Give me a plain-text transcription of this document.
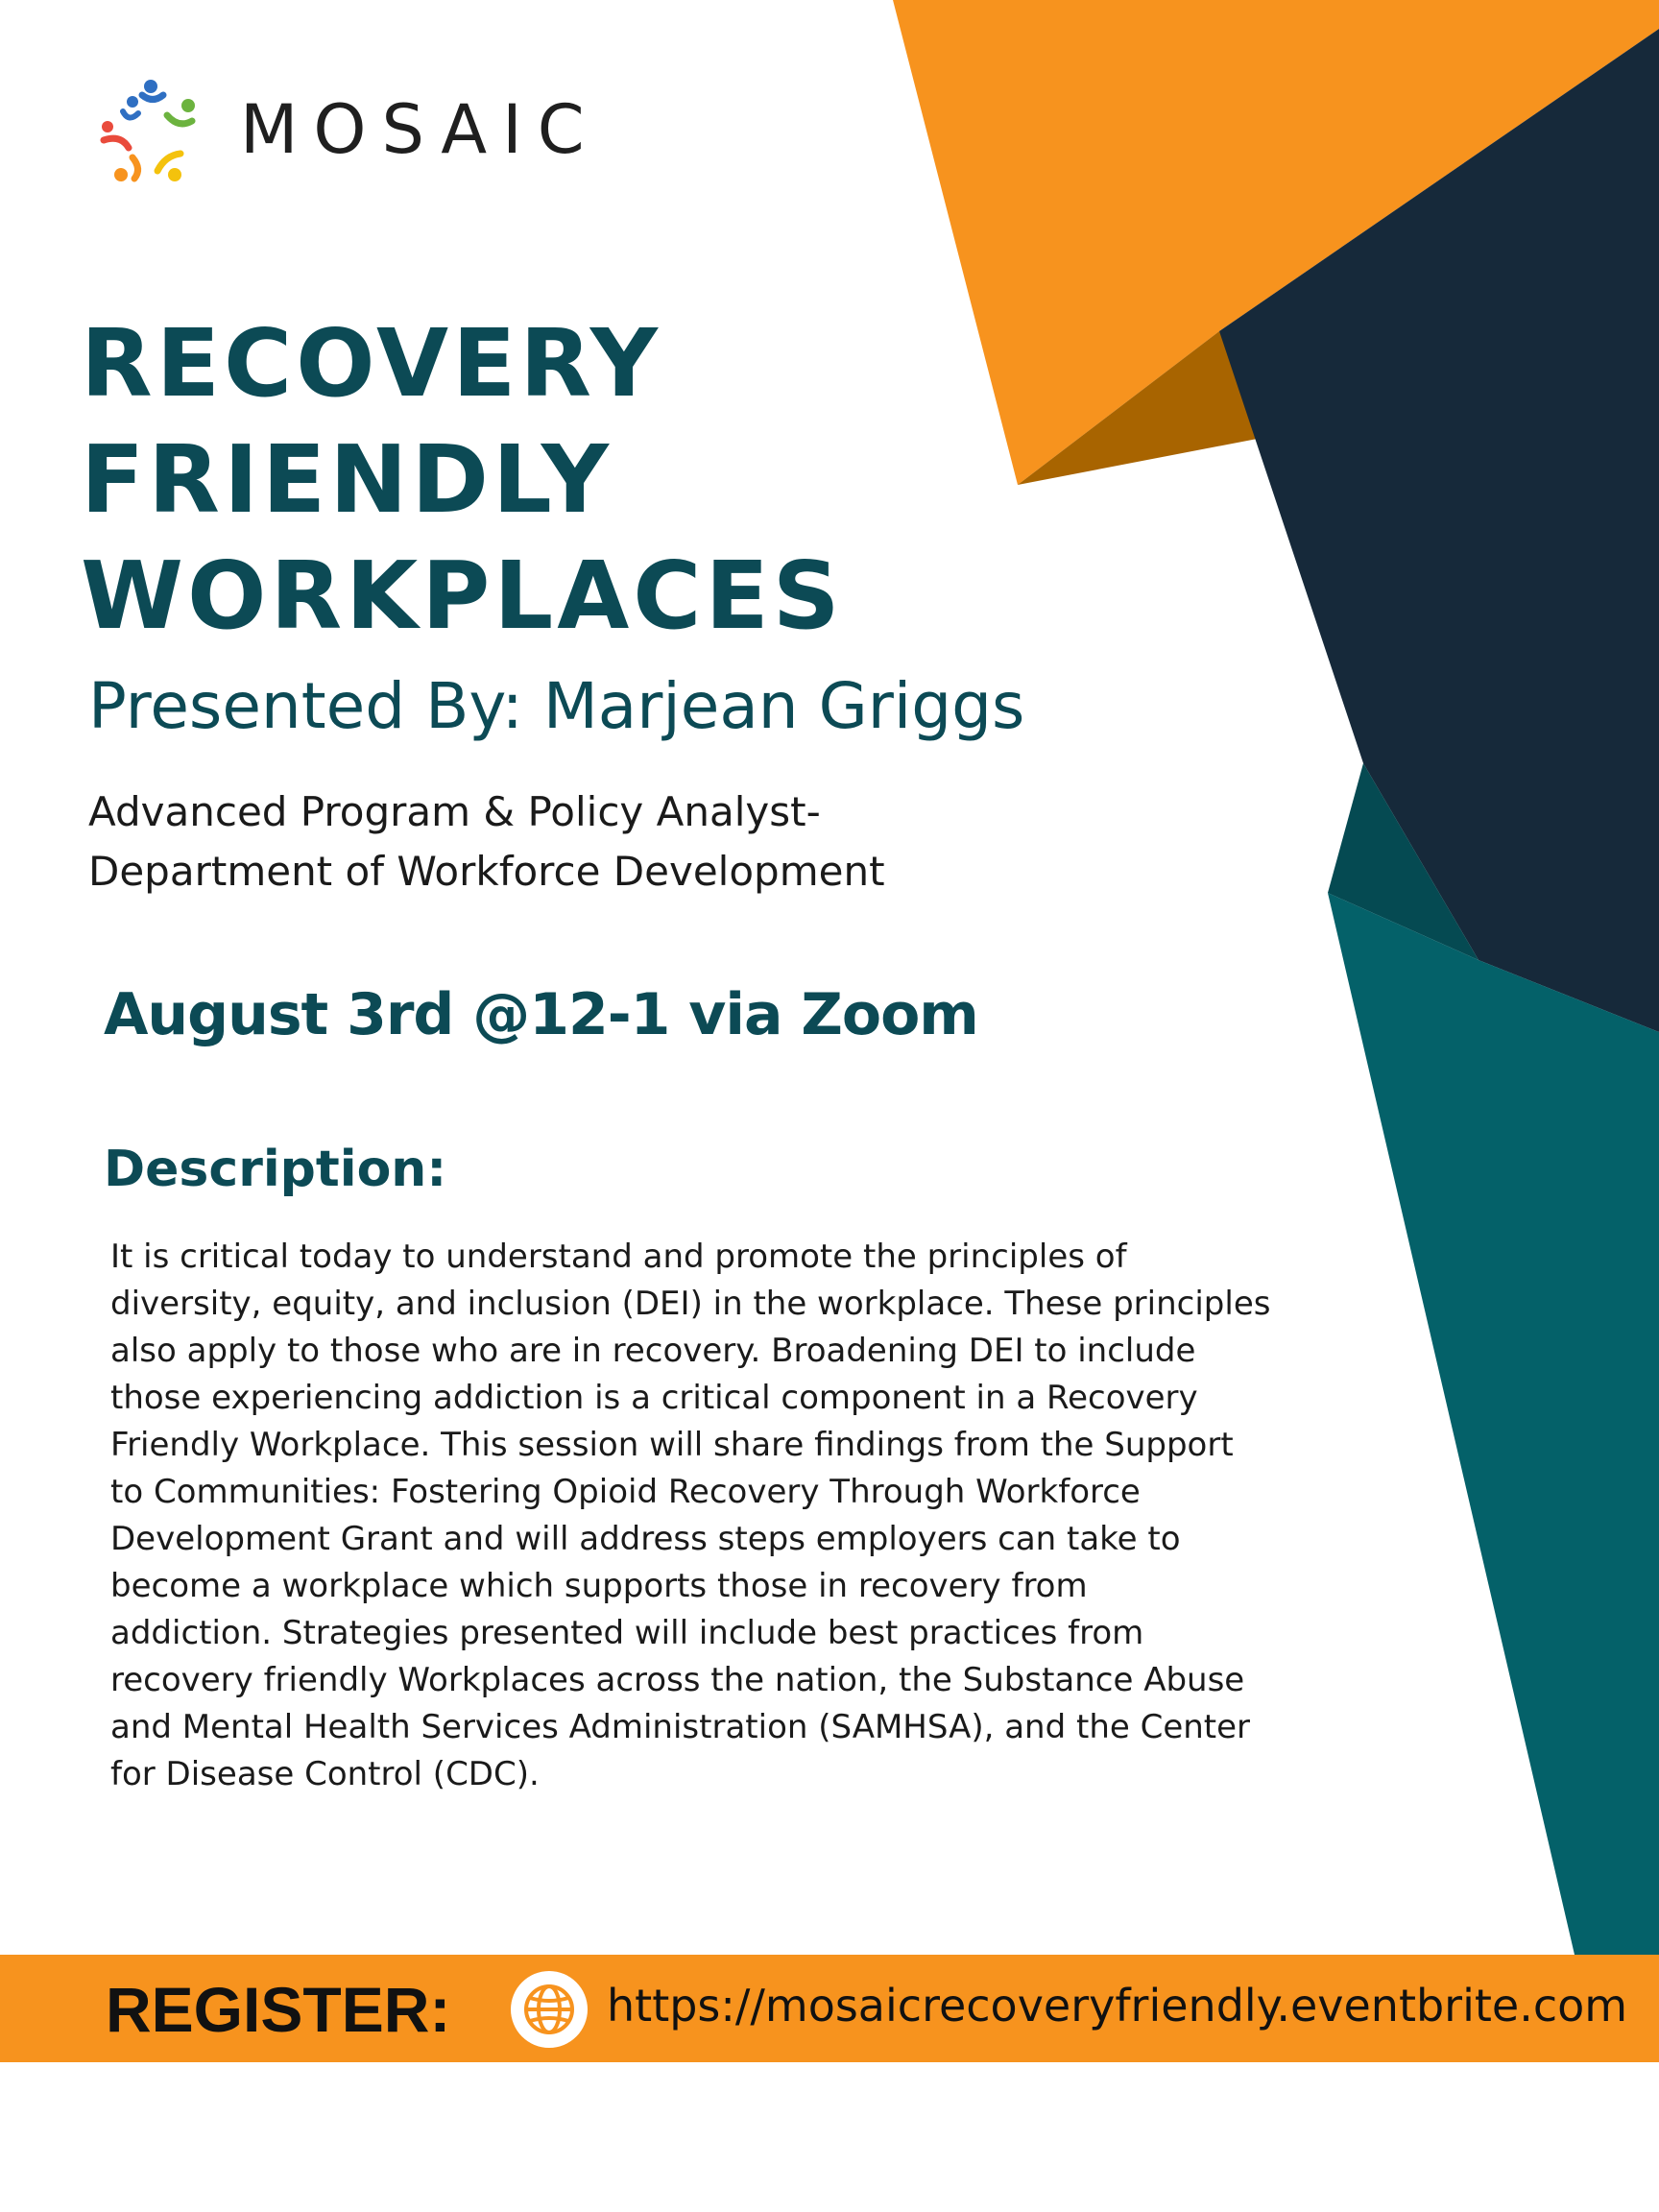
MOSAIC
RECOVERY
FRIENDLY
WORKPLACES
Presented By: Marjean Griggs
Advanced Program & Policy Analyst-
Department of Workforce Development
August 3rd @12-1 via Zoom
Description:
It is critical today to understand and promote the principles of
diversity, equity, and inclusion (DEI) in the workplace. These principles
also apply to those who are in recovery. Broadening DEI to include
those experiencing addiction is a critical component in a Recovery
Friendly Workplace. This session will share findings from the Support
to Communities: Fostering Opioid Recovery Through Workforce
Development Grant and will address steps employers can take to
become a workplace which supports those in recovery from
addiction. Strategies presented will include best practices from
recovery friendly Workplaces across the nation, the Substance Abuse
and Mental Health Services Administration (SAMHSA), and the Center
for Disease Control (CDC).
REGISTER:	https://mosaicrecoveryfriendly.eventbrite.com
